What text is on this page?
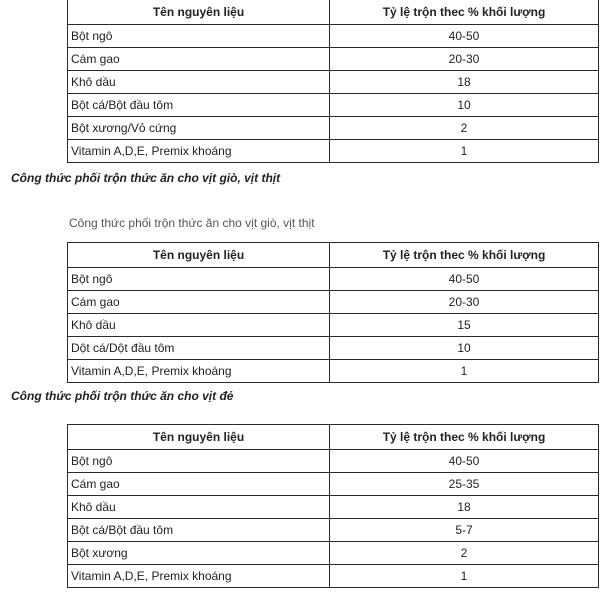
Tên nguyên liệu	Tỷ lệ trộn thec % khối lượng
Bột ngô	40-50
Cám gao	20-30
Khô dầu	18
Bột cá/Bột đầu tôm	10
Bột xương/Vỏ cứng	2
Vitamin A,D,E, Premix khoáng	1
Công thức phối trộn thức ăn cho vịt giò, vịt thịt
Công thức phối trộn thức ăn cho vịt giò, vịt thịt
Tên nguyên liệu	Tỷ lệ trộn thec % khối lượng
Bột ngô	40-50
Cám gao	20-30
Khô dầu	15
Dột cá/Dột đầu tôm	10
Vitamin A,D,E, Premix khoáng	1
Công thức phối trộn thức ăn cho vịt đẻ
Tên nguyên liệu	Tỷ lệ trộn thec % khối lượng
Bột ngô	40-50
Cám gao	25-35
Khô dầu	18
Bột cá/Bột đầu tôm	5-7
Bột xương	2
Vitamin A,D,E, Premix khoáng	1
